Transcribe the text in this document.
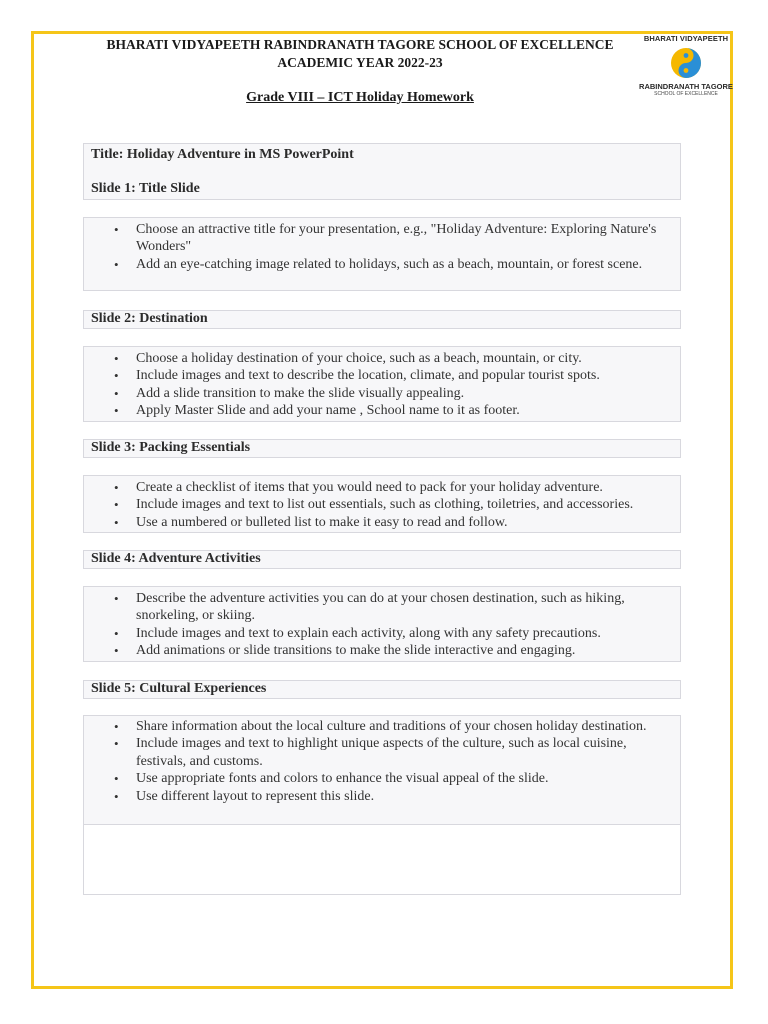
BHARATI VIDYAPEETH RABINDRANATH TAGORE SCHOOL OF EXCELLENCE
ACADEMIC YEAR 2022-23
BHARATI VIDYAPEETH
RABINDRANATH TAGORE
SCHOOL OF EXCELLENCE
Grade VIII – ICT Holiday Homework
Title: Holiday Adventure in MS PowerPoint
Slide 1: Title Slide
• Choose an attractive title for your presentation, e.g., "Holiday Adventure: Exploring Nature's Wonders"
• Add an eye-catching image related to holidays, such as a beach, mountain, or forest scene.
Slide 2: Destination
• Choose a holiday destination of your choice, such as a beach, mountain, or city.
• Include images and text to describe the location, climate, and popular tourist spots.
• Add a slide transition to make the slide visually appealing.
• Apply Master Slide and add your name , School name to it as footer.
Slide 3: Packing Essentials
• Create a checklist of items that you would need to pack for your holiday adventure.
• Include images and text to list out essentials, such as clothing, toiletries, and accessories.
• Use a numbered or bulleted list to make it easy to read and follow.
Slide 4: Adventure Activities
• Describe the adventure activities you can do at your chosen destination, such as hiking, snorkeling, or skiing.
• Include images and text to explain each activity, along with any safety precautions.
• Add animations or slide transitions to make the slide interactive and engaging.
Slide 5: Cultural Experiences
• Share information about the local culture and traditions of your chosen holiday destination.
• Include images and text to highlight unique aspects of the culture, such as local cuisine, festivals, and customs.
• Use appropriate fonts and colors to enhance the visual appeal of the slide.
• Use different layout to represent this slide.
